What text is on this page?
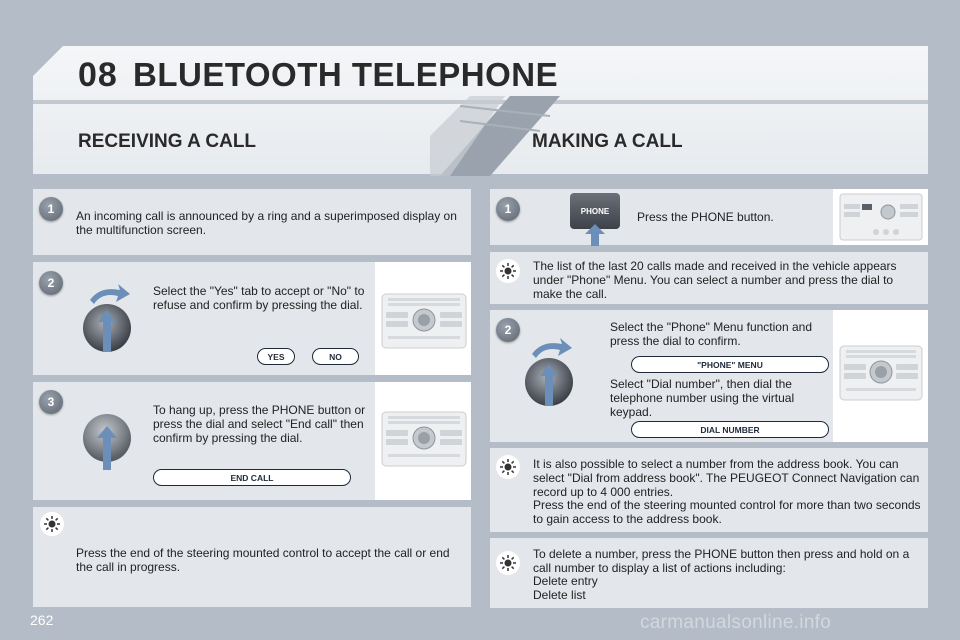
08 BLUETOOTH TELEPHONE
RECEIVING A CALL	MAKING A CALL
1	An incoming call is announced by a ring and a superimposed display on the multifunction screen.
2
Select the "Yes" tab to accept or "No" to refuse and confirm by pressing the dial.
YES	NO
3
To hang up, press the PHONE button or press the dial and select "End call" then confirm by pressing the dial.
END CALL
Press the end of the steering mounted control to accept the call or end the call in progress.
1	PHONE Press the PHONE button.
The list of the last 20 calls made and received in the vehicle appears under "Phone" Menu. You can select a number and press the dial to make the call.
2	Select the "Phone" Menu function and press the dial to confirm.
"PHONE" MENU
Select "Dial number", then dial the telephone number using the virtual keypad.
DIAL NUMBER
It is also possible to select a number from the address book. You can select "Dial from address book". The PEUGEOT Connect Navigation can record up to 4 000 entries.
Press the end of the steering mounted control for more than two seconds to gain access to the address book.
To delete a number, press the PHONE button then press and hold on a call number to display a list of actions including:
Delete entry
Delete list
262	carmanualsonline.info
